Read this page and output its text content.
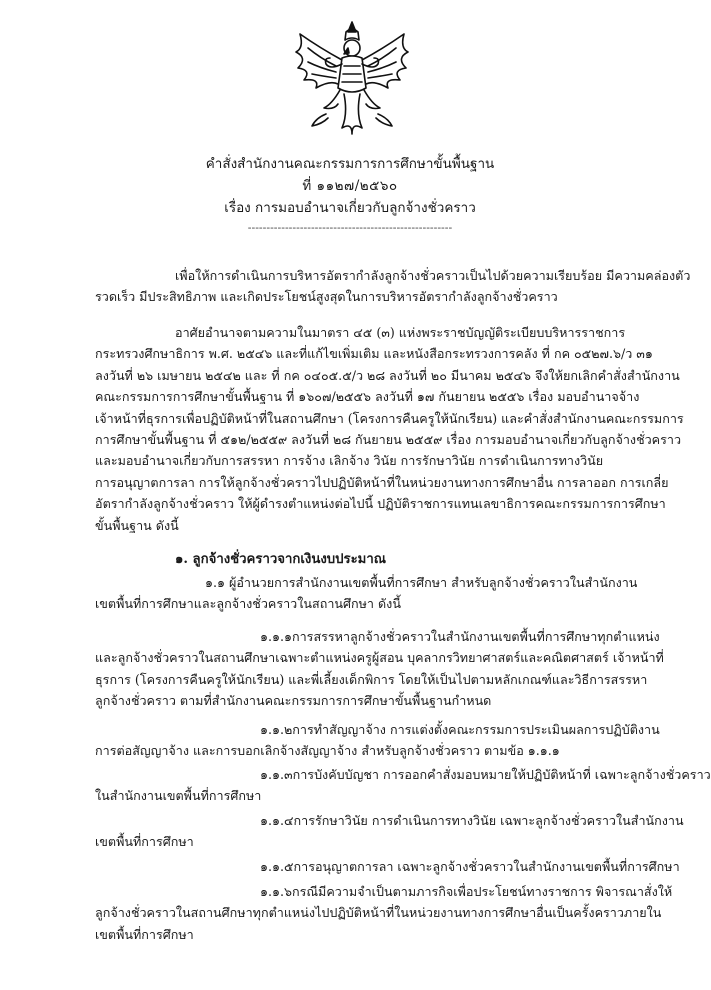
คำสั่งสำนักงานคณะกรรมการการศึกษาขั้นพื้นฐาน
ที่ ๑๑๒๗/๒๕๖๐
เรื่อง การมอบอำนาจเกี่ยวกับลูกจ้างชั่วคราว
-------------------------------------------------------
เพื่อให้การดำเนินการบริหารอัตรากำลังลูกจ้างชั่วคราวเป็นไปด้วยความเรียบร้อย มีความคล่องตัว
รวดเร็ว มีประสิทธิภาพ และเกิดประโยชน์สูงสุดในการบริหารอัตรากำลังลูกจ้างชั่วคราว
อาศัยอำนาจตามความในมาตรา ๔๕ (๓) แห่งพระราชบัญญัติระเบียบบริหารราชการ
กระทรวงศึกษาธิการ พ.ศ. ๒๕๔๖ และที่แก้ไขเพิ่มเติม และหนังสือกระทรวงการคลัง ที่ กค ๐๕๒๗.๖/ว ๓๑
ลงวันที่ ๒๖ เมษายน ๒๕๔๒ และ ที่ กค ๐๔๐๕.๕/ว ๒๘ ลงวันที่ ๒๐ มีนาคม ๒๕๔๖ จึงให้ยกเลิกคำสั่งสำนักงาน
คณะกรรมการการศึกษาขั้นพื้นฐาน ที่ ๑๖๐๗/๒๕๕๖ ลงวันที่ ๑๗ กันยายน ๒๕๕๖ เรื่อง มอบอำนาจจ้าง
เจ้าหน้าที่ธุรการเพื่อปฏิบัติหน้าที่ในสถานศึกษา (โครงการคืนครูให้นักเรียน) และคำสั่งสำนักงานคณะกรรมการ
การศึกษาขั้นพื้นฐาน ที่ ๕๑๒/๒๕๕๙ ลงวันที่ ๒๘ กันยายน ๒๕๕๙ เรื่อง การมอบอำนาจเกี่ยวกับลูกจ้างชั่วคราว
และมอบอำนาจเกี่ยวกับการสรรหา การจ้าง เลิกจ้าง วินัย การรักษาวินัย การดำเนินการทางวินัย
การอนุญาตการลา การให้ลูกจ้างชั่วคราวไปปฏิบัติหน้าที่ในหน่วยงานทางการศึกษาอื่น การลาออก การเกลี่ย
อัตรากำลังลูกจ้างชั่วคราว ให้ผู้ดำรงตำแหน่งต่อไปนี้ ปฏิบัติราชการแทนเลขาธิการคณะกรรมการการศึกษา
ขั้นพื้นฐาน ดังนี้
๑. ลูกจ้างชั่วคราวจากเงินงบประมาณ
๑.๑ ผู้อำนวยการสำนักงานเขตพื้นที่การศึกษา สำหรับลูกจ้างชั่วคราวในสำนักงาน
เขตพื้นที่การศึกษาและลูกจ้างชั่วคราวในสถานศึกษา ดังนี้
๑.๑.๑การสรรหาลูกจ้างชั่วคราวในสำนักงานเขตพื้นที่การศึกษาทุกตำแหน่ง
และลูกจ้างชั่วคราวในสถานศึกษาเฉพาะตำแหน่งครูผู้สอน บุคลากรวิทยาศาสตร์และคณิตศาสตร์ เจ้าหน้าที่
ธุรการ (โครงการคืนครูให้นักเรียน) และพี่เลี้ยงเด็กพิการ โดยให้เป็นไปตามหลักเกณฑ์และวิธีการสรรหา
ลูกจ้างชั่วคราว ตามที่สำนักงานคณะกรรมการการศึกษาขั้นพื้นฐานกำหนด
๑.๑.๒การทำสัญญาจ้าง การแต่งตั้งคณะกรรมการประเมินผลการปฏิบัติงาน
การต่อสัญญาจ้าง และการบอกเลิกจ้างสัญญาจ้าง สำหรับลูกจ้างชั่วคราว ตามข้อ ๑.๑.๑
๑.๑.๓การบังคับบัญชา การออกคำสั่งมอบหมายให้ปฏิบัติหน้าที่ เฉพาะลูกจ้างชั่วคราว
ในสำนักงานเขตพื้นที่การศึกษา
๑.๑.๔การรักษาวินัย การดำเนินการทางวินัย เฉพาะลูกจ้างชั่วคราวในสำนักงาน
เขตพื้นที่การศึกษา
๑.๑.๕การอนุญาตการลา เฉพาะลูกจ้างชั่วคราวในสำนักงานเขตพื้นที่การศึกษา
๑.๑.๖กรณีมีความจำเป็นตามภารกิจเพื่อประโยชน์ทางราชการ พิจารณาสั่งให้
ลูกจ้างชั่วคราวในสถานศึกษาทุกตำแหน่งไปปฏิบัติหน้าที่ในหน่วยงานทางการศึกษาอื่นเป็นครั้งคราวภายใน
เขตพื้นที่การศึกษา
